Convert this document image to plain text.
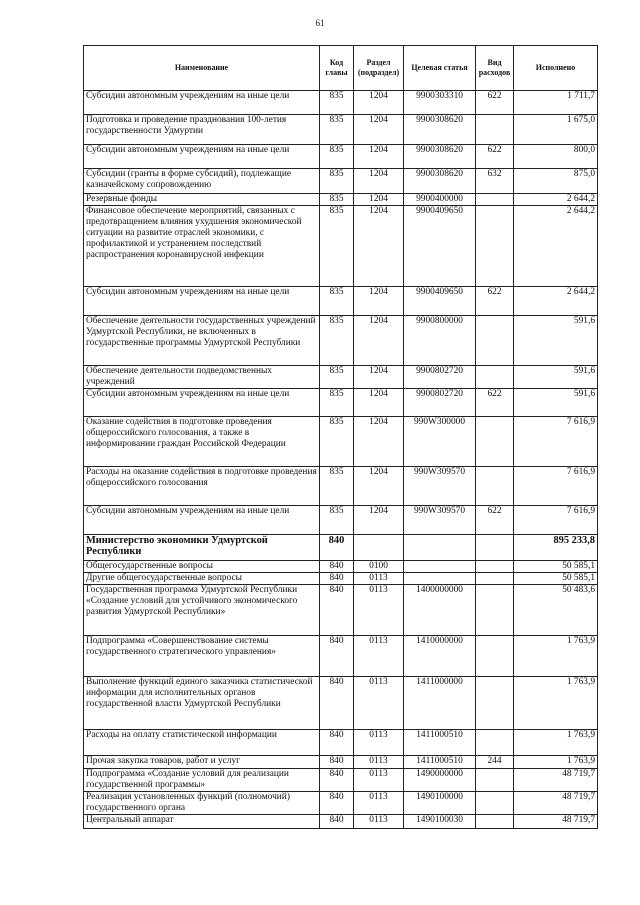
61
Наименование	Код главы	Раздел (подраздел)	Целевая статья	Вид расходов	Исполнено
Субсидии автономным учреждениям на иные цели	835	1204	9900303310	622	1 711,7
Подготовка и проведение празднования 100-летия государственности Удмуртии	835	1204	9900308620		1 675,0
Субсидии автономным учреждениям на иные цели	835	1204	9900308620	622	800,0
Субсидии (гранты в форме субсидий), подлежащие казначейскому сопровождению	835	1204	9900308620	632	875,0
Резервные фонды	835	1204	9900400000		2 644,2
Финансовое обеспечение мероприятий, связанных с предотвращением влияния ухудшения экономической ситуации на развитие отраслей экономики, с профилактикой и устранением последствий распространения коронавирусной инфекции	835	1204	9900409650		2 644,2
Субсидии автономным учреждениям на иные цели	835	1204	9900409650	622	2 644,2
Обеспечение деятельности государственных учреждений Удмуртской Республики, не включенных в государственные программы Удмуртской Республики	835	1204	9900800000		591,6
Обеспечение деятельности подведомственных учреждений	835	1204	9900802720		591,6
Субсидии автономным учреждениям на иные цели	835	1204	9900802720	622	591,6
Оказание содействия в подготовке проведения общероссийского голосования, а также в информировании граждан Российской Федерации	835	1204	990W300000		7 616,9
Расходы на оказание содействия в подготовке проведения общероссийского голосования	835	1204	990W309570		7 616,9
Субсидии автономным учреждениям на иные цели	835	1204	990W309570	622	7 616,9
Министерство экономики Удмуртской Республики	840				895 233,8
Общегосударственные вопросы	840	0100			50 585,1
Другие общегосударственные вопросы	840	0113			50 585,1
Государственная программа Удмуртской Республики «Создание условий для устойчивого экономического развития Удмуртской Республики»	840	0113	1400000000		50 483,6
Подпрограмма «Совершенствование системы государственного стратегического управления»	840	0113	1410000000		1 763,9
Выполнение функций единого заказчика статистической информации для исполнительных органов государственной власти Удмуртской Республики	840	0113	1411000000		1 763,9
Расходы на оплату статистической информации	840	0113	1411000510		1 763,9
Прочая закупка товаров, работ и услуг	840	0113	1411000510	244	1 763,9
Подпрограмма «Создание условий для реализации государственной программы»	840	0113	1490000000		48 719,7
Реализация установленных функций (полномочий) государственного органа	840	0113	1490100000		48 719,7
Центральный аппарат	840	0113	1490100030		48 719,7
